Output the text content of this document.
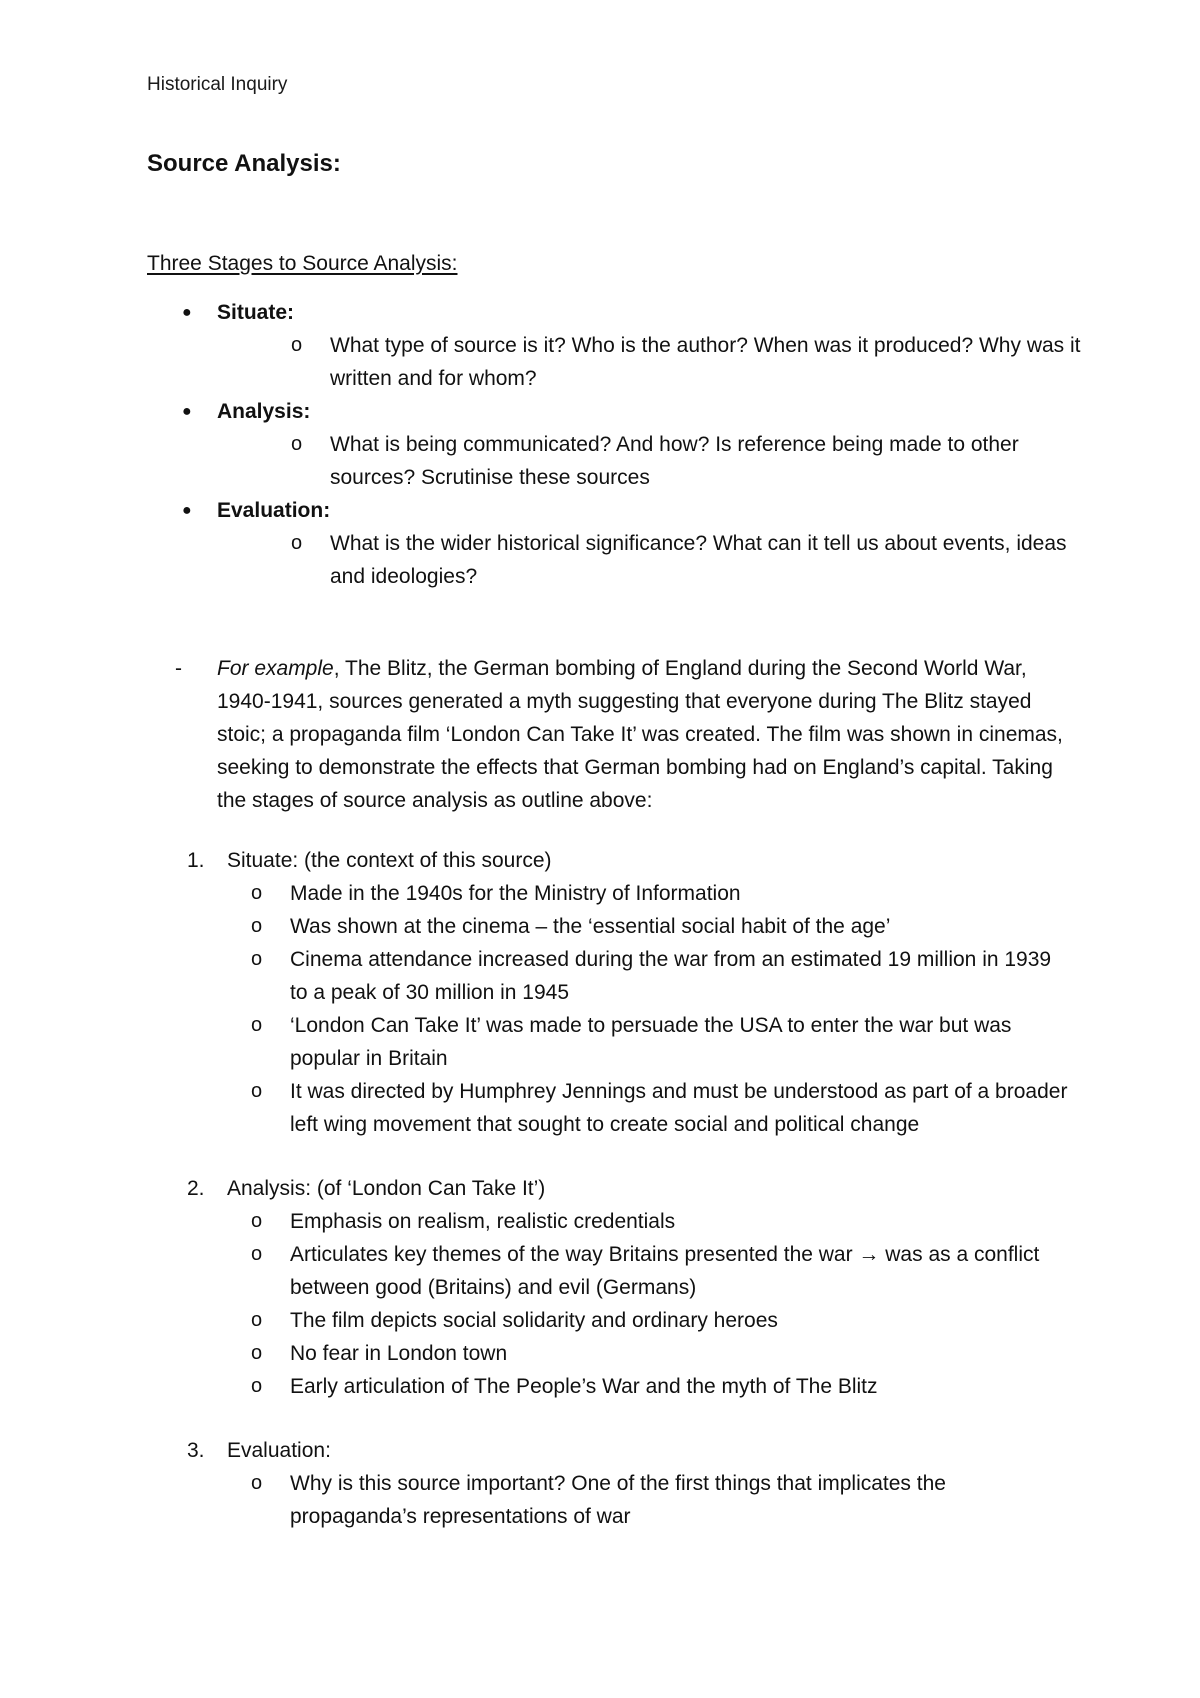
Historical Inquiry
Source Analysis:
Three Stages to Source Analysis:
●	Situate:
o	What type of source is it? Who is the author? When was it produced? Why was it written and for whom?
●	Analysis:
o	What is being communicated? And how? Is reference being made to other sources? Scrutinise these sources
●	Evaluation:
o	What is the wider historical significance? What can it tell us about events, ideas and ideologies?
-	For example, The Blitz, the German bombing of England during the Second World War, 1940-1941, sources generated a myth suggesting that everyone during The Blitz stayed stoic; a propaganda film ‘London Can Take It’ was created. The film was shown in cinemas, seeking to demonstrate the effects that German bombing had on England’s capital. Taking the stages of source analysis as outline above:
1.	Situate: (the context of this source)
o	Made in the 1940s for the Ministry of Information
o	Was shown at the cinema – the ‘essential social habit of the age’
o	Cinema attendance increased during the war from an estimated 19 million in 1939 to a peak of 30 million in 1945
o	‘London Can Take It’ was made to persuade the USA to enter the war but was popular in Britain
o	It was directed by Humphrey Jennings and must be understood as part of a broader left wing movement that sought to create social and political change
2.	Analysis: (of ‘London Can Take It’)
o	Emphasis on realism, realistic credentials
o	Articulates key themes of the way Britains presented the war → was as a conflict between good (Britains) and evil (Germans)
o	The film depicts social solidarity and ordinary heroes
o	No fear in London town
o	Early articulation of The People’s War and the myth of The Blitz
3.	Evaluation:
o	Why is this source important? One of the first things that implicates the propaganda’s representations of war
